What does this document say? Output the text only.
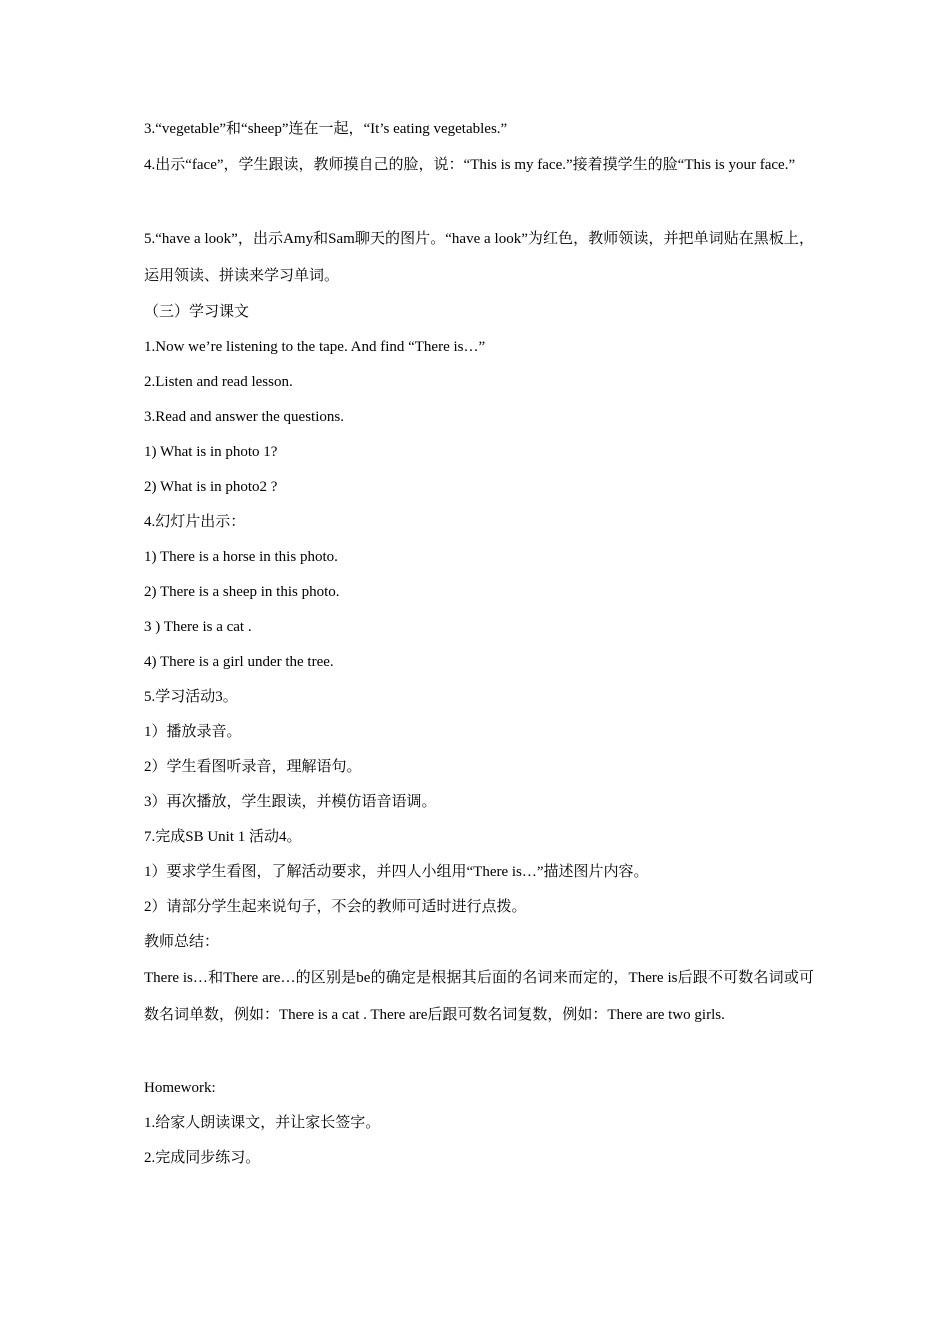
3.“vegetable”和“sheep”连在一起，“It’s eating vegetables.”
4.出示“face”，学生跟读，教师摸自己的脸，说：“This is my face.”接着摸学生的脸“This is your face.”
5.“have a look”，出示Amy和Sam聊天的图片。“have a look”为红色，教师领读，并把单词贴在黑板上，运用领读、拼读来学习单词。
（三）学习课文
1.Now we’re listening to the tape. And find “There is…”
2.Listen and read lesson.
3.Read and answer the questions.
1) What is in photo 1?
2) What is in photo2 ?
4.幻灯片出示：
1) There is a horse in this photo.
2) There is a sheep in this photo.
3 ) There is a cat .
4) There is a girl under the tree.
5.学习活动3。
1）播放录音。
2）学生看图听录音，理解语句。
3）再次播放，学生跟读，并模仿语音语调。
7.完成SB Unit 1 活动4。
1）要求学生看图，了解活动要求，并四人小组用“There is…”描述图片内容。
2）请部分学生起来说句子，不会的教师可适时进行点拨。
教师总结：
There is…和There are…的区别是be的确定是根据其后面的名词来而定的，There is后跟不可数名词或可数名词单数，例如：There is a cat . There are后跟可数名词复数，例如：There are two girls.
Homework:
1.给家人朗读课文，并让家长签字。
2.完成同步练习。
